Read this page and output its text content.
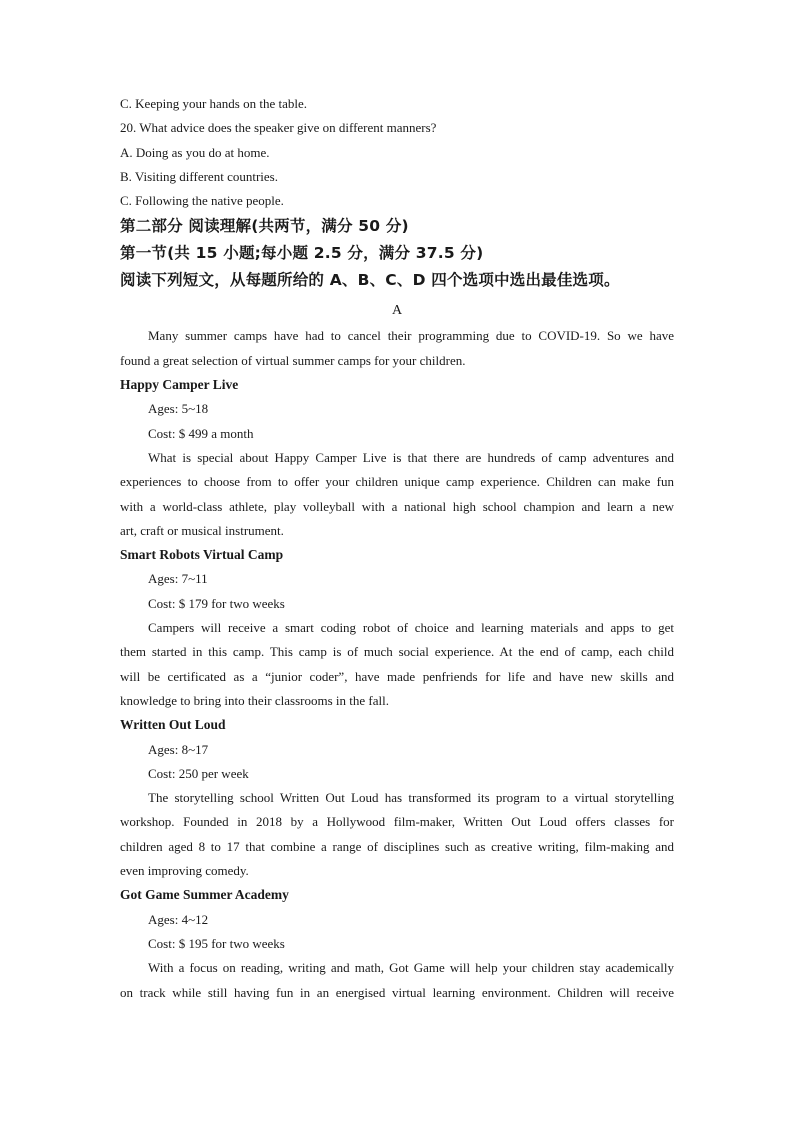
C. Keeping your hands on the table.
20. What advice does the speaker give on different manners?
A. Doing as you do at home.
B. Visiting different countries.
C. Following the native people.
第二部分 阅读理解(共两节，满分 50 分)
第一节(共 15 小题;每小题 2.5 分，满分 37.5 分)
阅读下列短文，从每题所给的 A、B、C、D 四个选项中选出最佳选项。
A
Many summer camps have had to cancel their programming due to COVID-19. So we have
found a great selection of virtual summer camps for your children.
Happy Camper Live
Ages: 5~18
Cost: $ 499 a month
What is special about Happy Camper Live is that there are hundreds of camp adventures and
experiences to choose from to offer your children unique camp experience. Children can make fun
with a world-class athlete, play volleyball with a national high school champion and learn a new
art, craft or musical instrument.
Smart Robots Virtual Camp
Ages: 7~11
Cost: $ 179 for two weeks
Campers will receive a smart coding robot of choice and learning materials and apps to get
them started in this camp. This camp is of much social experience. At the end of camp, each child
will be certificated as a “junior coder”, have made penfriends for life and have new skills and
knowledge to bring into their classrooms in the fall.
Written Out Loud
Ages: 8~17
Cost: 250 per week
The storytelling school Written Out Loud has transformed its program to a virtual storytelling
workshop. Founded in 2018 by a Hollywood film-maker, Written Out Loud offers classes for
children aged 8 to 17 that combine a range of disciplines such as creative writing, film-making and
even improving comedy.
Got Game Summer Academy
Ages: 4~12
Cost: $ 195 for two weeks
With a focus on reading, writing and math, Got Game will help your children stay academically
on track while still having fun in an energised virtual learning environment. Children will receive
